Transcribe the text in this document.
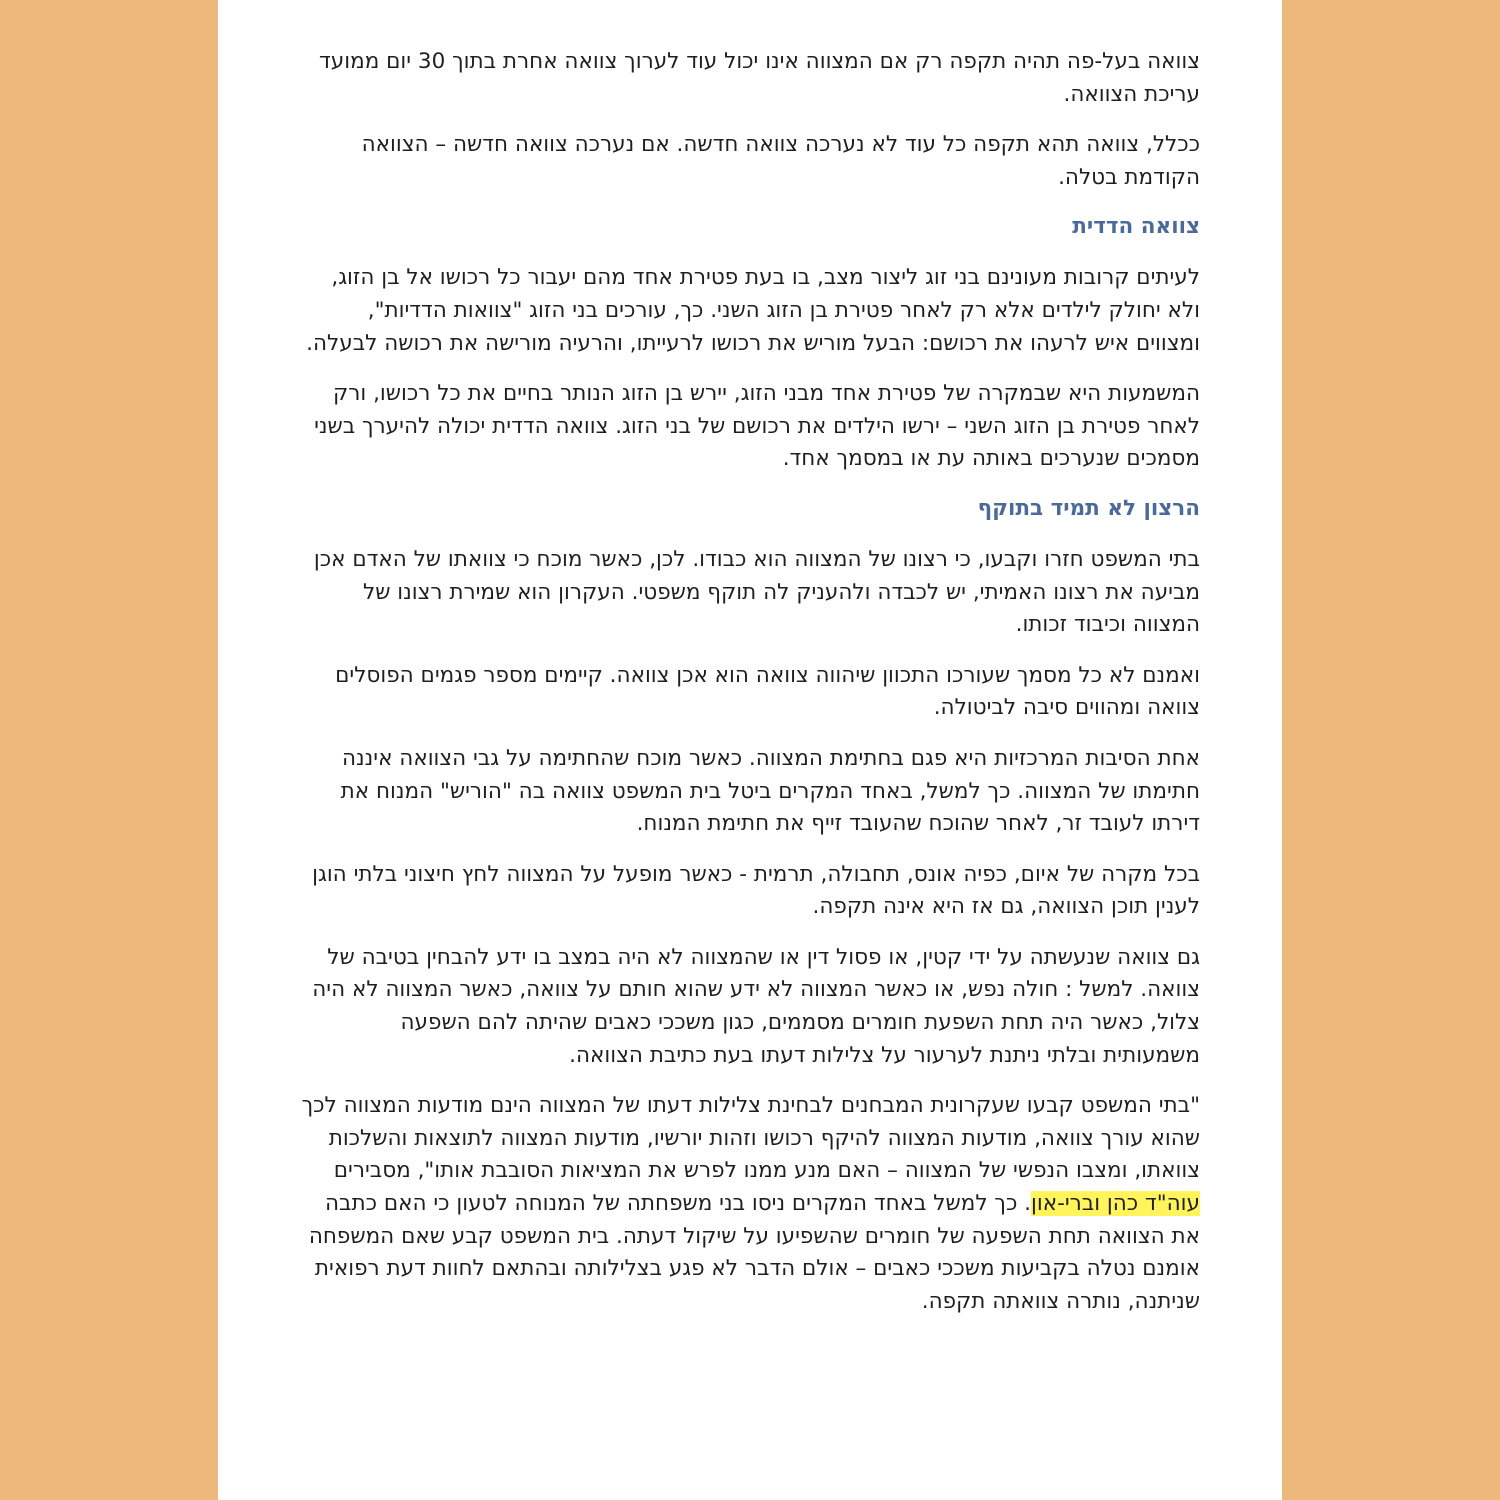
צוואה בעל-פה תהיה תקפה רק אם המצווה אינו יכול עוד לערוך צוואה אחרת בתוך 30 יום ממועד עריכת הצוואה.

ככלל, צוואה תהא תקפה כל עוד לא נערכה צוואה חדשה. אם נערכה צוואה חדשה – הצוואה הקודמת בטלה.

צוואה הדדית

לעיתים קרובות מעונינם בני זוג ליצור מצב, בו בעת פטירת אחד מהם יעבור כל רכושו אל בן הזוג, ולא יחולק לילדים אלא רק לאחר פטירת בן הזוג השני. כך, עורכים בני הזוג "צוואות הדדיות", ומצווים איש לרעהו את רכושם: הבעל מוריש את רכושו לרעייתו, והרעיה מורישה את רכושה לבעלה.

המשמעות היא שבמקרה של פטירת אחד מבני הזוג, יירש בן הזוג הנותר בחיים את כל רכושו, ורק לאחר פטירת בן הזוג השני – ירשו הילדים את רכושם של בני הזוג. צוואה הדדית יכולה להיערך בשני מסמכים שנערכים באותה עת או במסמך אחד.

הרצון לא תמיד בתוקף

בתי המשפט חזרו וקבעו, כי רצונו של המצווה הוא כבודו. לכן, כאשר מוכח כי צוואתו של האדם אכן מביעה את רצונו האמיתי, יש לכבדה ולהעניק לה תוקף משפטי. העקרון הוא שמירת רצונו של המצווה וכיבוד זכותו.

ואמנם לא כל מסמך שעורכו התכוון שיהווה צוואה הוא אכן צוואה. קיימים מספר פגמים הפוסלים צוואה ומהווים סיבה לביטולה.

אחת הסיבות המרכזיות היא פגם בחתימת המצווה. כאשר מוכח שהחתימה על גבי הצוואה איננה חתימתו של המצווה. כך למשל, באחד המקרים ביטל בית המשפט צוואה בה "הוריש" המנוח את דירתו לעובד זר, לאחר שהוכח שהעובד זייף את חתימת המנוח.

בכל מקרה של איום, כפיה אונס, תחבולה, תרמית - כאשר מופעל על המצווה לחץ חיצוני בלתי הוגן לענין תוכן הצוואה, גם אז היא אינה תקפה.

גם צוואה שנעשתה על ידי קטין, או פסול דין או שהמצווה לא היה במצב בו ידע להבחין בטיבה של צוואה. למשל : חולה נפש, או כאשר המצווה לא ידע שהוא חותם על צוואה, כאשר המצווה לא היה צלול, כאשר היה תחת השפעת חומרים מסממים, כגון משככי כאבים שהיתה להם השפעה משמעותית ובלתי ניתנת לערעור על צלילות דעתו בעת כתיבת הצוואה.

"בתי המשפט קבעו שעקרונית המבחנים לבחינת צלילות דעתו של המצווה הינם מודעות המצווה לכך שהוא עורך צוואה, מודעות המצווה להיקף רכושו וזהות יורשיו, מודעות המצווה לתוצאות והשלכות צוואתו, ומצבו הנפשי של המצווה – האם מנע ממנו לפרש את המציאות הסובבת אותו", מסבירים עוה"ד כהן וברי-און. כך למשל באחד המקרים ניסו בני משפחתה של המנוחה לטעון כי האם כתבה את הצוואה תחת השפעה של חומרים שהשפיעו על שיקול דעתה. בית המשפט קבע שאם המשפחה אומנם נטלה בקביעות משככי כאבים – אולם הדבר לא פגע בצלילותה ובהתאם לחוות דעת רפואית שניתנה, נותרה צוואתה תקפה.
